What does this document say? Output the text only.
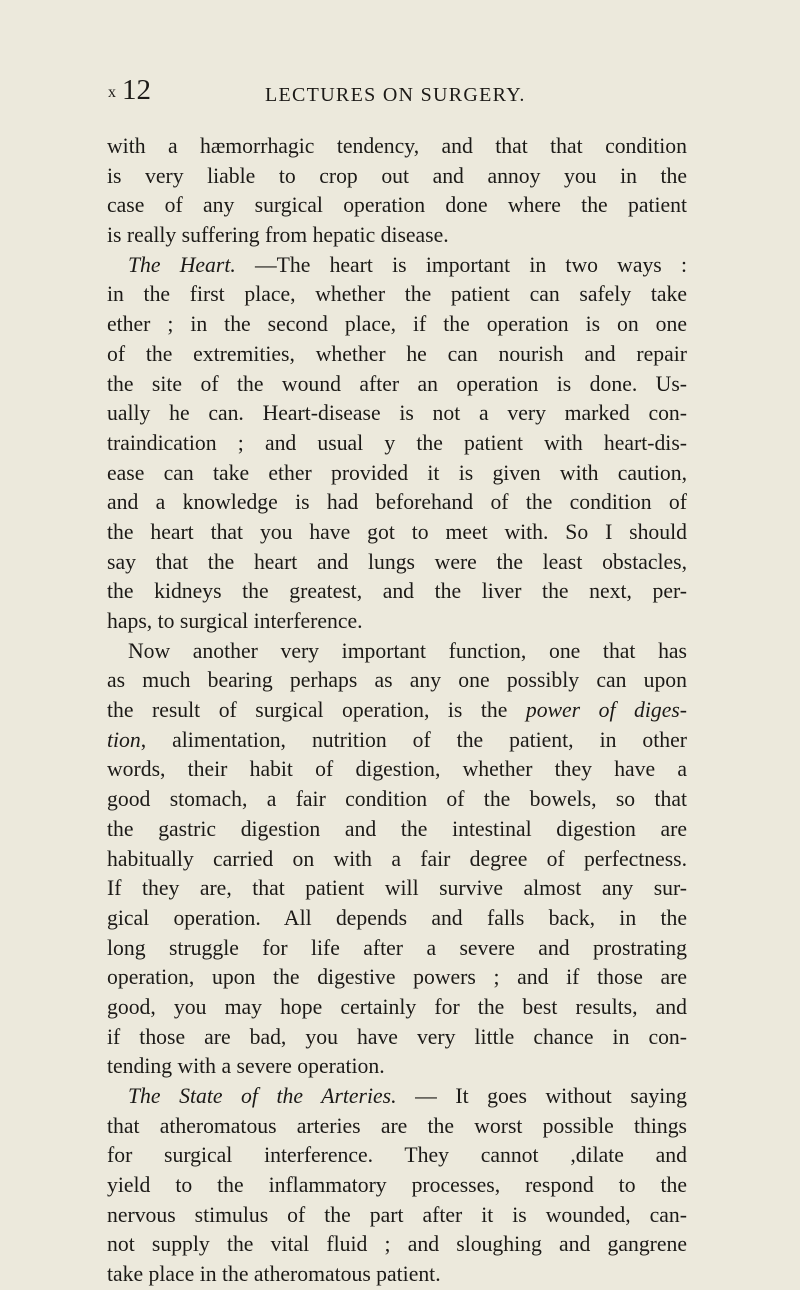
x 12	LECTURES ON SURGERY.
with a hæmorrhagic tendency, and that that condition
is very liable to crop out and annoy you in the
case of any surgical operation done where the patient
is really suffering from hepatic disease.
The Heart. —The heart is important in two ways :
in the first place, whether the patient can safely take
ether ; in the second place, if the operation is on one
of the extremities, whether he can nourish and repair
the site of the wound after an operation is done. Us-
ually he can. Heart-disease is not a very marked con-
traindication ; and usual y the patient with heart-dis-
ease can take ether provided it is given with caution,
and a knowledge is had beforehand of the condition of
the heart that you have got to meet with. So I should
say that the heart and lungs were the least obstacles,
the kidneys the greatest, and the liver the next, per-
haps, to surgical interference.
Now another very important function, one that has
as much bearing perhaps as any one possibly can upon
the result of surgical operation, is the power of diges-
tion, alimentation, nutrition of the patient, in other
words, their habit of digestion, whether they have a
good stomach, a fair condition of the bowels, so that
the gastric digestion and the intestinal digestion are
habitually carried on with a fair degree of perfectness.
If they are, that patient will survive almost any sur-
gical operation. All depends and falls back, in the
long struggle for life after a severe and prostrating
operation, upon the digestive powers ; and if those are
good, you may hope certainly for the best results, and
if those are bad, you have very little chance in con-
tending with a severe operation.
The State of the Arteries. — It goes without saying
that atheromatous arteries are the worst possible things
for surgical interference. They cannot ,dilate and
yield to the inflammatory processes, respond to the
nervous stimulus of the part after it is wounded, can-
not supply the vital fluid ; and sloughing and gangrene
take place in the atheromatous patient.
